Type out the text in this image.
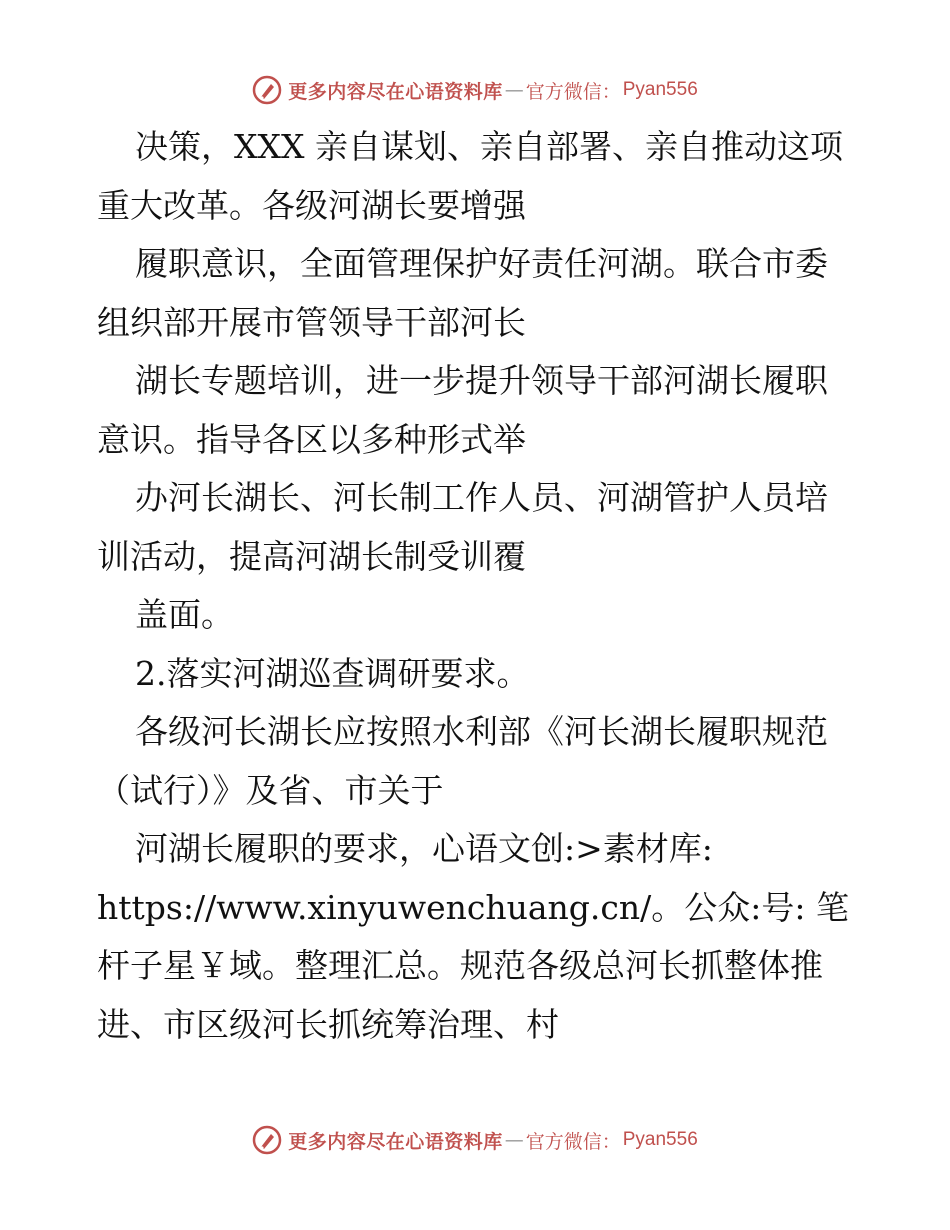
更多内容尽在心语资料库 — 官方微信： Pyan556
决策，XXX 亲自谋划、亲自部署、亲自推动这项
重大改革。各级河湖长要增强
履职意识，全面管理保护好责任河湖。联合市委
组织部开展市管领导干部河长
湖长专题培训，进一步提升领导干部河湖长履职
意识。指导各区以多种形式举
办河长湖长、河长制工作人员、河湖管护人员培
训活动，提高河湖长制受训覆
盖面。
2.落实河湖巡查调研要求。
各级河长湖长应按照水利部《河长湖长履职规范
（试行）》及省、市关于
河湖长履职的要求，心语文创:>素材库:
https://www.xinyuwenchuang.cn/。公众:号: 笔
杆子星￥域。整理汇总。规范各级总河长抓整体推
进、市区级河长抓统筹治理、村
更多内容尽在心语资料库 — 官方微信： Pyan556
